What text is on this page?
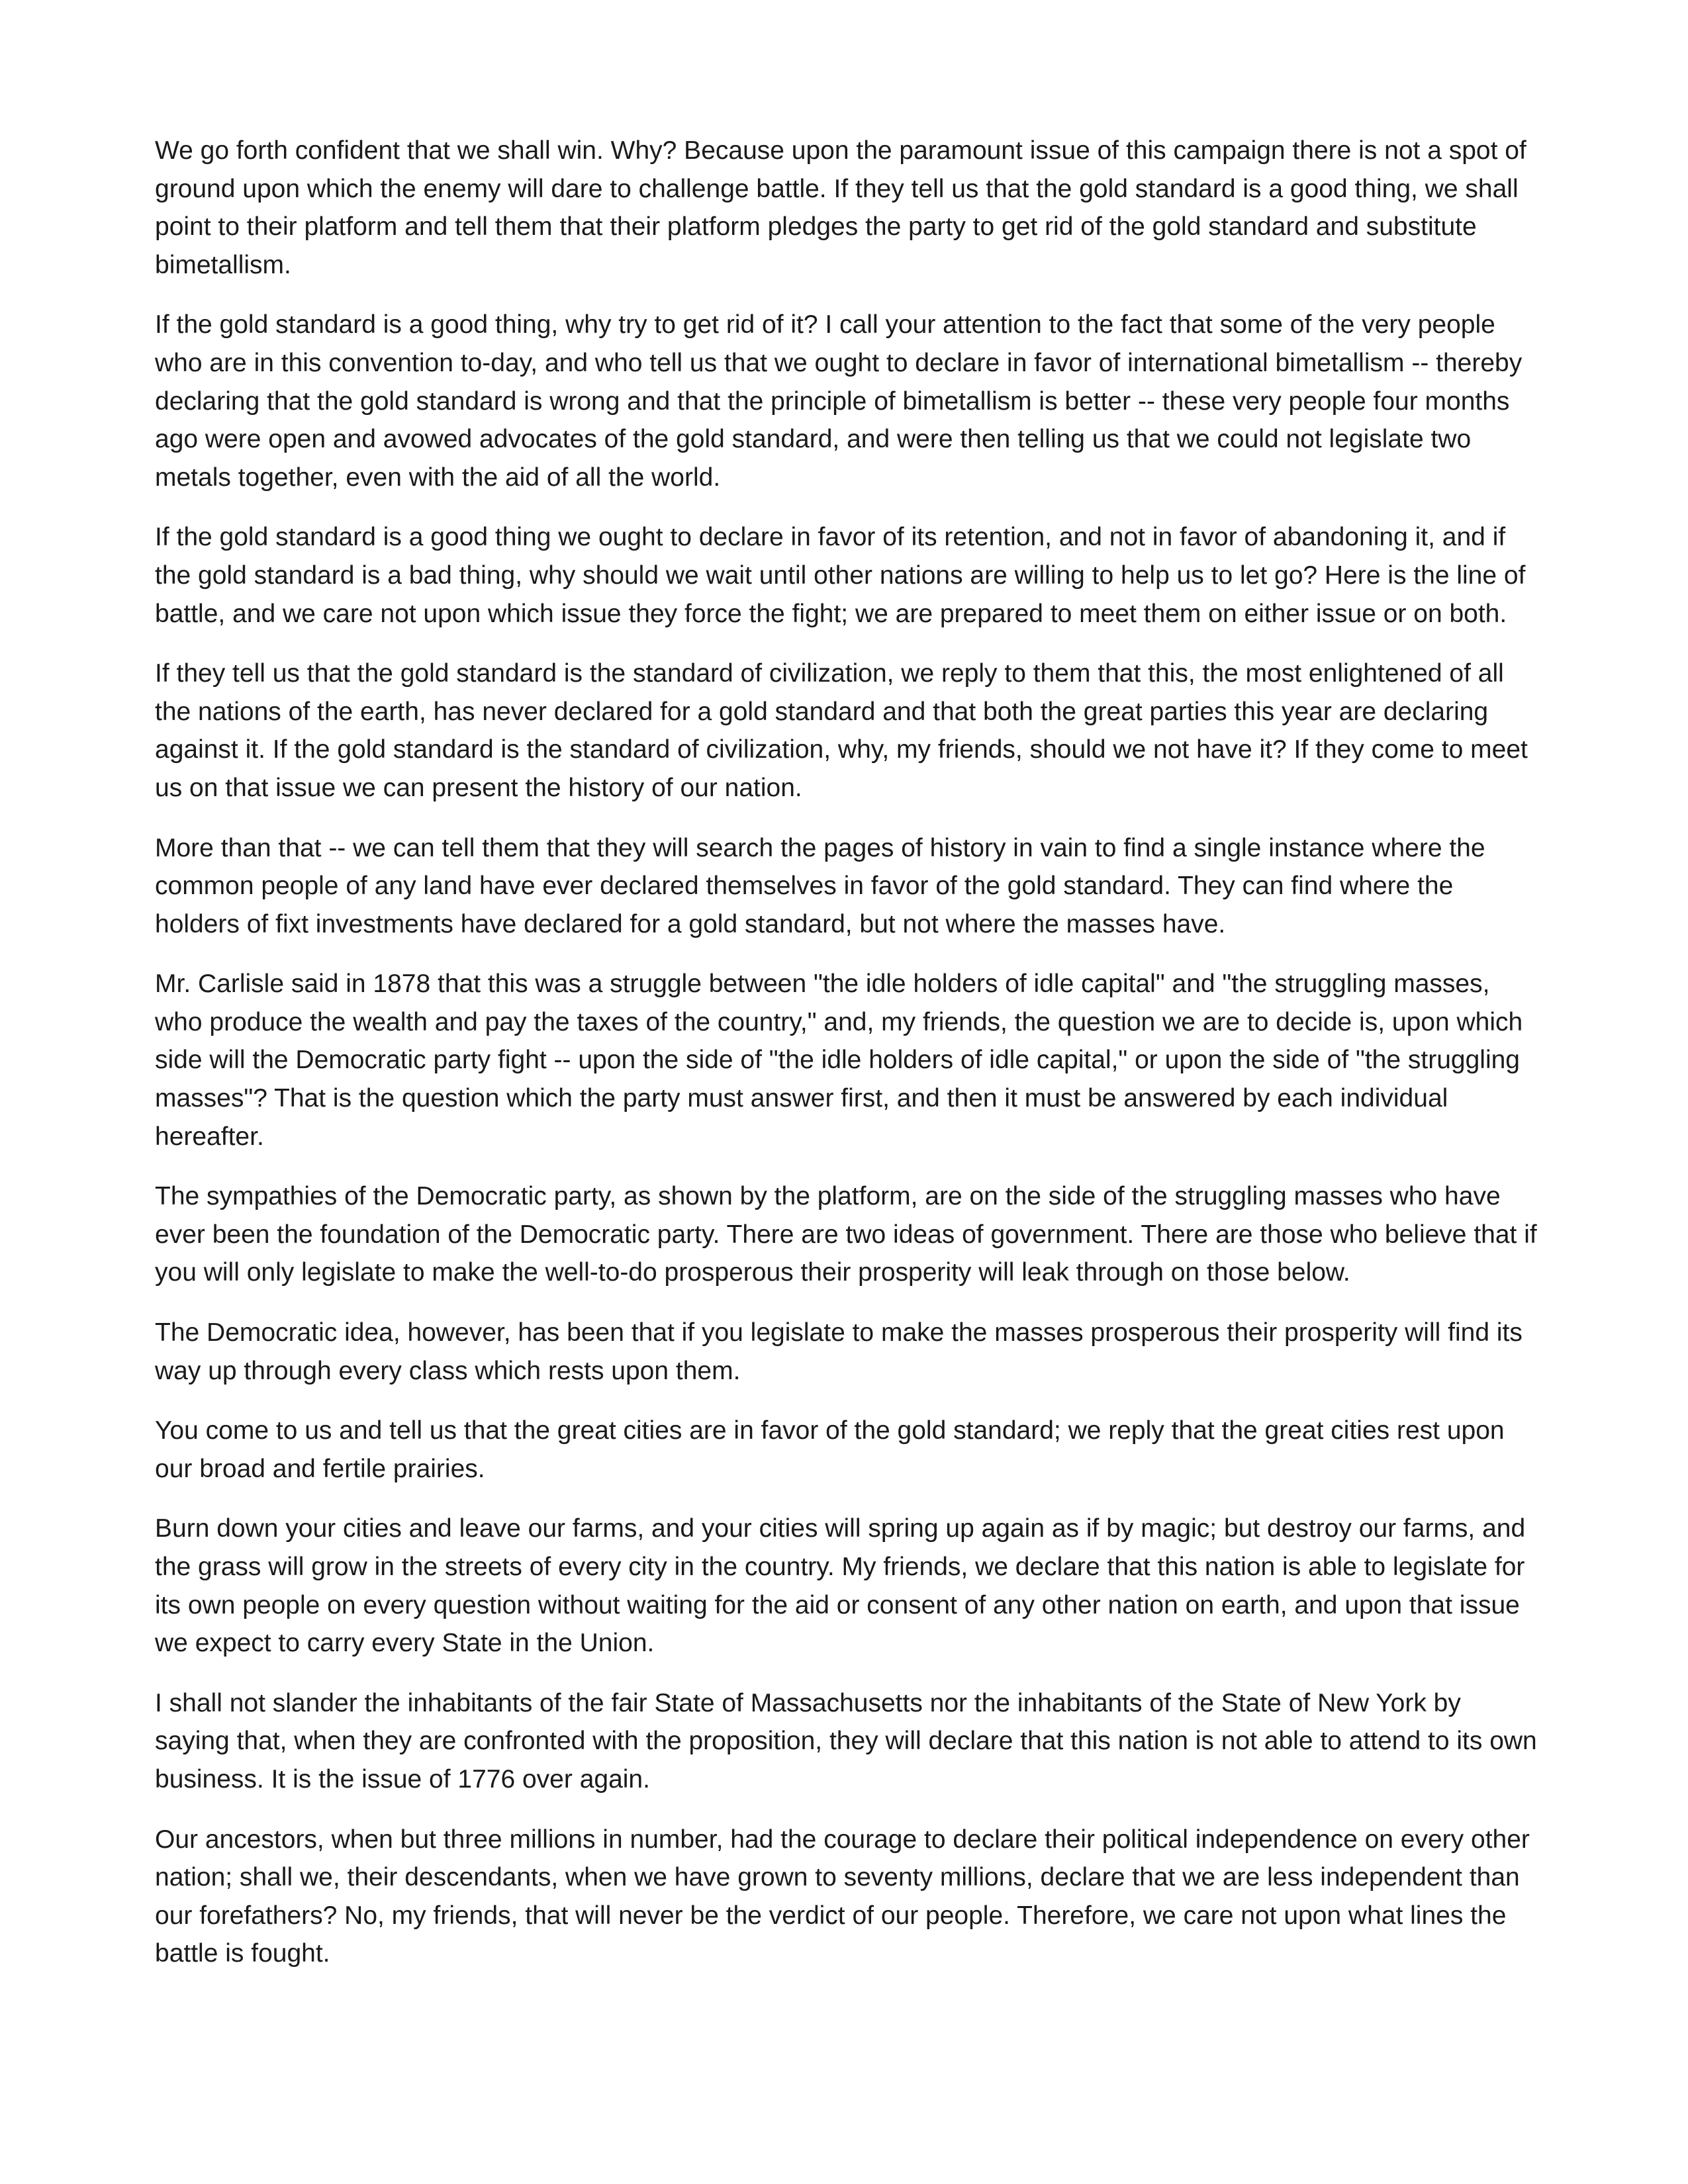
We go forth confident that we shall win. Why? Because upon the paramount issue of this campaign there is not a spot of ground upon which the enemy will dare to challenge battle. If they tell us that the gold standard is a good thing, we shall point to their platform and tell them that their platform pledges the party to get rid of the gold standard and substitute bimetallism.

If the gold standard is a good thing, why try to get rid of it? I call your attention to the fact that some of the very people who are in this convention to-day, and who tell us that we ought to declare in favor of international bimetallism -- thereby declaring that the gold standard is wrong and that the principle of bimetallism is better -- these very people four months ago were open and avowed advocates of the gold standard, and were then telling us that we could not legislate two metals together, even with the aid of all the world.

If the gold standard is a good thing we ought to declare in favor of its retention, and not in favor of abandoning it, and if the gold standard is a bad thing, why should we wait until other nations are willing to help us to let go? Here is the line of battle, and we care not upon which issue they force the fight; we are prepared to meet them on either issue or on both.

If they tell us that the gold standard is the standard of civilization, we reply to them that this, the most enlightened of all the nations of the earth, has never declared for a gold standard and that both the great parties this year are declaring against it. If the gold standard is the standard of civilization, why, my friends, should we not have it? If they come to meet us on that issue we can present the history of our nation.

More than that -- we can tell them that they will search the pages of history in vain to find a single instance where the common people of any land have ever declared themselves in favor of the gold standard. They can find where the holders of fixt investments have declared for a gold standard, but not where the masses have.

Mr. Carlisle said in 1878 that this was a struggle between "the idle holders of idle capital" and "the struggling masses, who produce the wealth and pay the taxes of the country," and, my friends, the question we are to decide is, upon which side will the Democratic party fight -- upon the side of "the idle holders of idle capital," or upon the side of "the struggling masses"? That is the question which the party must answer first, and then it must be answered by each individual hereafter.

The sympathies of the Democratic party, as shown by the platform, are on the side of the struggling masses who have ever been the foundation of the Democratic party. There are two ideas of government. There are those who believe that if you will only legislate to make the well-to-do prosperous their prosperity will leak through on those below.

The Democratic idea, however, has been that if you legislate to make the masses prosperous their prosperity will find its way up through every class which rests upon them.

You come to us and tell us that the great cities are in favor of the gold standard; we reply that the great cities rest upon our broad and fertile prairies.

Burn down your cities and leave our farms, and your cities will spring up again as if by magic; but destroy our farms, and the grass will grow in the streets of every city in the country. My friends, we declare that this nation is able to legislate for its own people on every question without waiting for the aid or consent of any other nation on earth, and upon that issue we expect to carry every State in the Union.

I shall not slander the inhabitants of the fair State of Massachusetts nor the inhabitants of the State of New York by saying that, when they are confronted with the proposition, they will declare that this nation is not able to attend to its own business. It is the issue of 1776 over again.

Our ancestors, when but three millions in number, had the courage to declare their political independence on every other nation; shall we, their descendants, when we have grown to seventy millions, declare that we are less independent than our forefathers? No, my friends, that will never be the verdict of our people. Therefore, we care not upon what lines the battle is fought.
